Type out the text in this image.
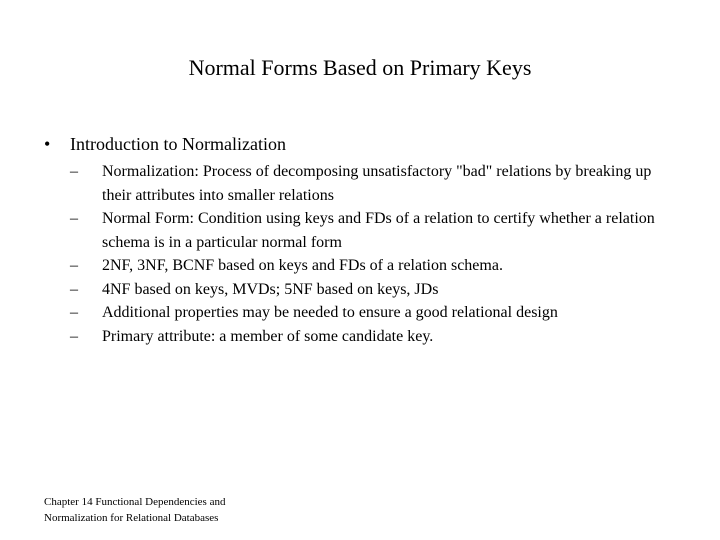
Normal Forms Based on Primary Keys
•	Introduction to Normalization
–	Normalization: Process of decomposing unsatisfactory "bad" relations by breaking up their attributes into smaller relations
–	Normal Form: Condition using keys and FDs of a relation to certify whether a relation schema is in a particular normal form
–	2NF, 3NF, BCNF based on keys and FDs of a relation schema.
–	4NF based on keys, MVDs; 5NF based on keys, JDs
–	Additional properties may be needed to ensure a good relational design
–	Primary attribute: a member of some candidate key.
Chapter 14 Functional Dependencies and
Normalization for Relational Databases
